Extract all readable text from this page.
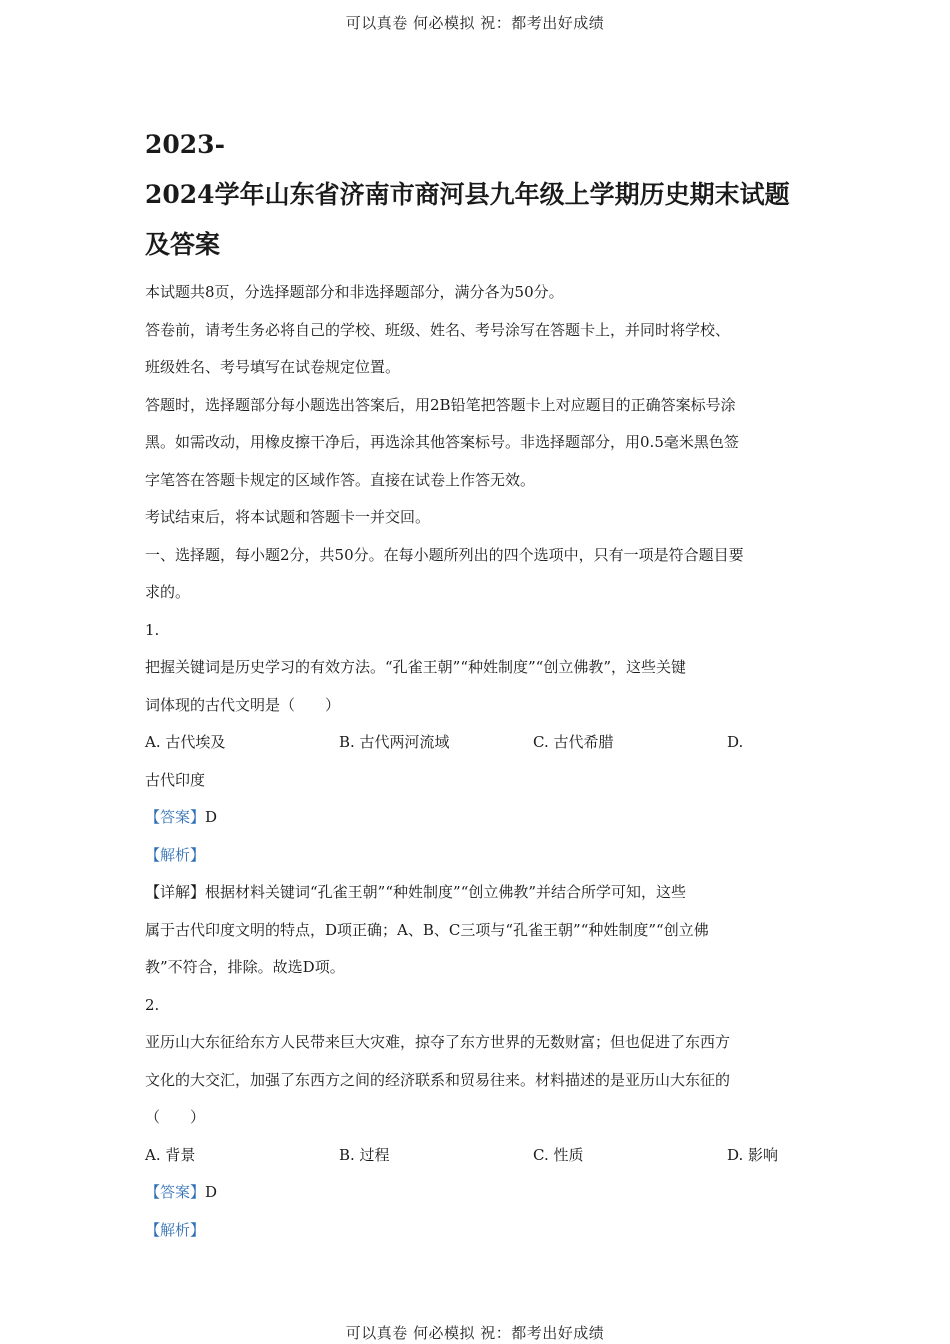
可以真卷 何必模拟 祝：都考出好成绩
2023-
2024学年山东省济南市商河县九年级上学期历史期末试题
及答案

本试题共8页，分选择题部分和非选择题部分，满分各为50分。

答卷前，请考生务必将自己的学校、班级、姓名、考号涂写在答题卡上，并同时将学校、

班级姓名、考号填写在试卷规定位置。

答题时，选择题部分每小题选出答案后，用2B铅笔把答题卡上对应题目的正确答案标号涂

黑。如需改动，用橡皮擦干净后，再选涂其他答案标号。非选择题部分，用0.5毫米黑色签

字笔答在答题卡规定的区域作答。直接在试卷上作答无效。

考试结束后，将本试题和答题卡一并交回。

一、选择题，每小题2分，共50分。在每小题所列出的四个选项中，只有一项是符合题目要

求的。

1.

把握关键词是历史学习的有效方法。“孔雀王朝”“种姓制度”“创立佛教”，这些关键

词体现的古代文明是（　　）

A. 古代埃及	B. 古代两河流域	C. 古代希腊	D.

古代印度

【答案】D

【解析】

【详解】根据材料关键词“孔雀王朝”“种姓制度”“创立佛教”并结合所学可知，这些

属于古代印度文明的特点，D项正确；A、B、C三项与“孔雀王朝”“种姓制度”“创立佛

教”不符合，排除。故选D项。

2.

亚历山大东征给东方人民带来巨大灾难，掠夺了东方世界的无数财富；但也促进了东西方

文化的大交汇，加强了东西方之间的经济联系和贸易往来。材料描述的是亚历山大东征的

（　　）

A. 背景	B. 过程	C. 性质	D. 影响

【答案】D

【解析】

可以真卷 何必模拟 祝：都考出好成绩
